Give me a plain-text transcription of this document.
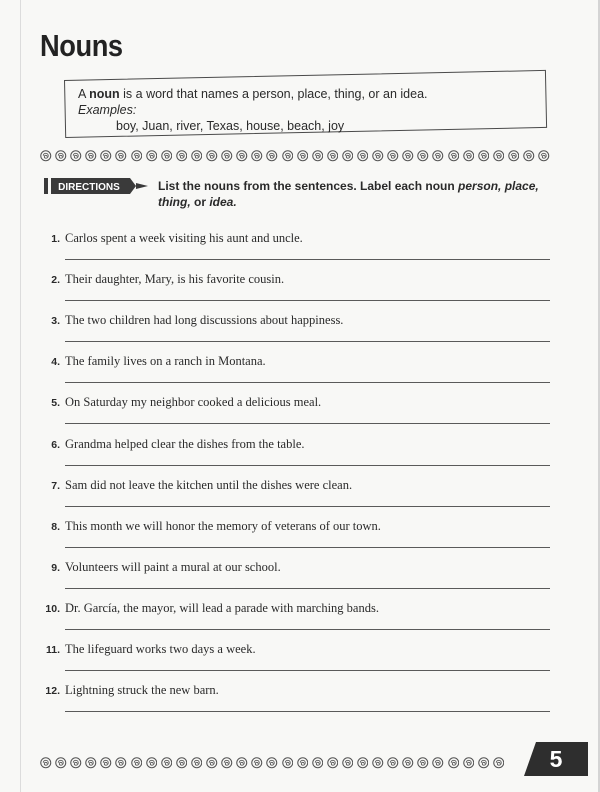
Nouns
A noun is a word that names a person, place, thing, or an idea.
Examples:
boy, Juan, river, Texas, house, beach, joy
DIRECTIONS	List the nouns from the sentences. Label each noun person, place, thing, or idea.
1. Carlos spent a week visiting his aunt and uncle.
2. Their daughter, Mary, is his favorite cousin.
3. The two children had long discussions about happiness.
4. The family lives on a ranch in Montana.
5. On Saturday my neighbor cooked a delicious meal.
6. Grandma helped clear the dishes from the table.
7. Sam did not leave the kitchen until the dishes were clean.
8. This month we will honor the memory of veterans of our town.
9. Volunteers will paint a mural at our school.
10. Dr. García, the mayor, will lead a parade with marching bands.
11. The lifeguard works two days a week.
12. Lightning struck the new barn.
5
